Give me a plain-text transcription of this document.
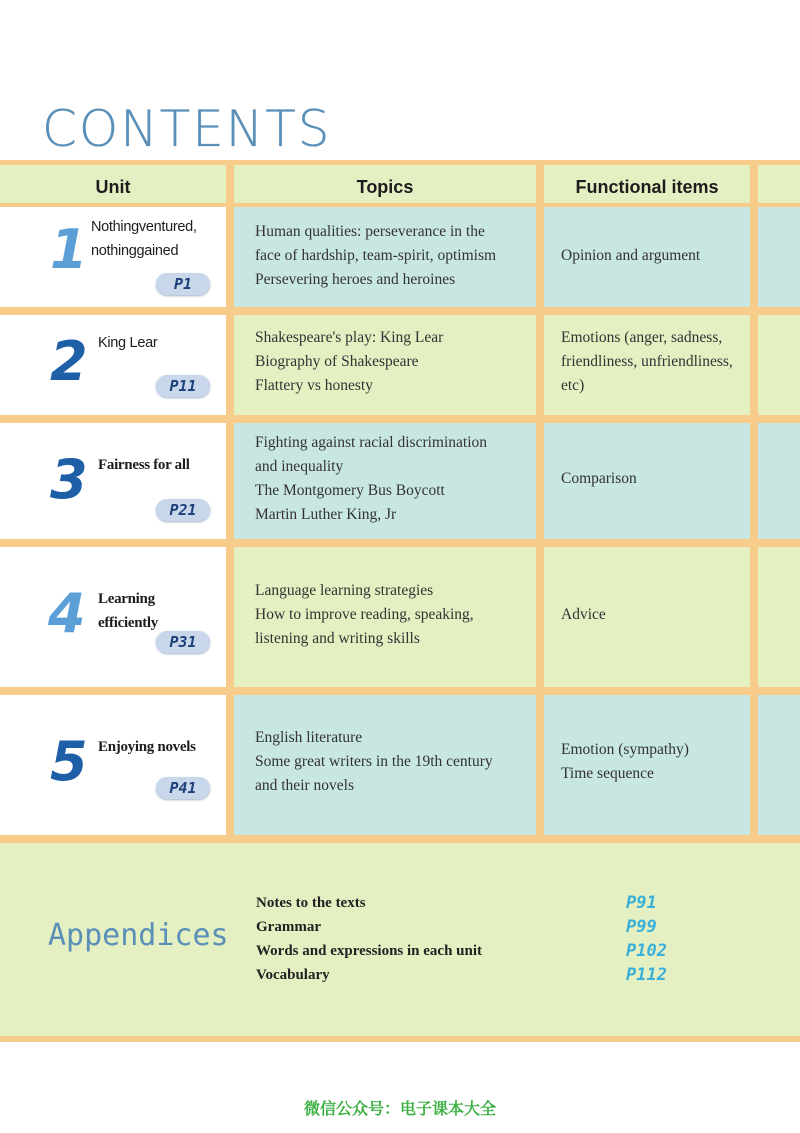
CONTENTS
Unit	Topics	Functional items
1 Nothingventured,
nothinggained
P1
Human qualities: perseverance in the
face of hardship, team-spirit, optimism
Persevering heroes and heroines
Opinion and argument
2 King Lear
P11
Shakespeare's play: King Lear
Biography of Shakespeare
Flattery vs honesty
Emotions (anger, sadness,
friendliness, unfriendliness,
etc)
3 Fairness for all
P21
Fighting against racial discrimination
and inequality
The Montgomery Bus Boycott
Martin Luther King, Jr
Comparison
4 Learning
efficiently
P31
Language learning strategies
How to improve reading, speaking,
listening and writing skills
Advice
5 Enjoying novels
P41
English literature
Some great writers in the 19th century
and their novels
Emotion (sympathy)
Time sequence
Appendices
Notes to the texts
Grammar
Words and expressions in each unit
Vocabulary
P91
P99
P102
P112
微信公众号：电子课本大全
